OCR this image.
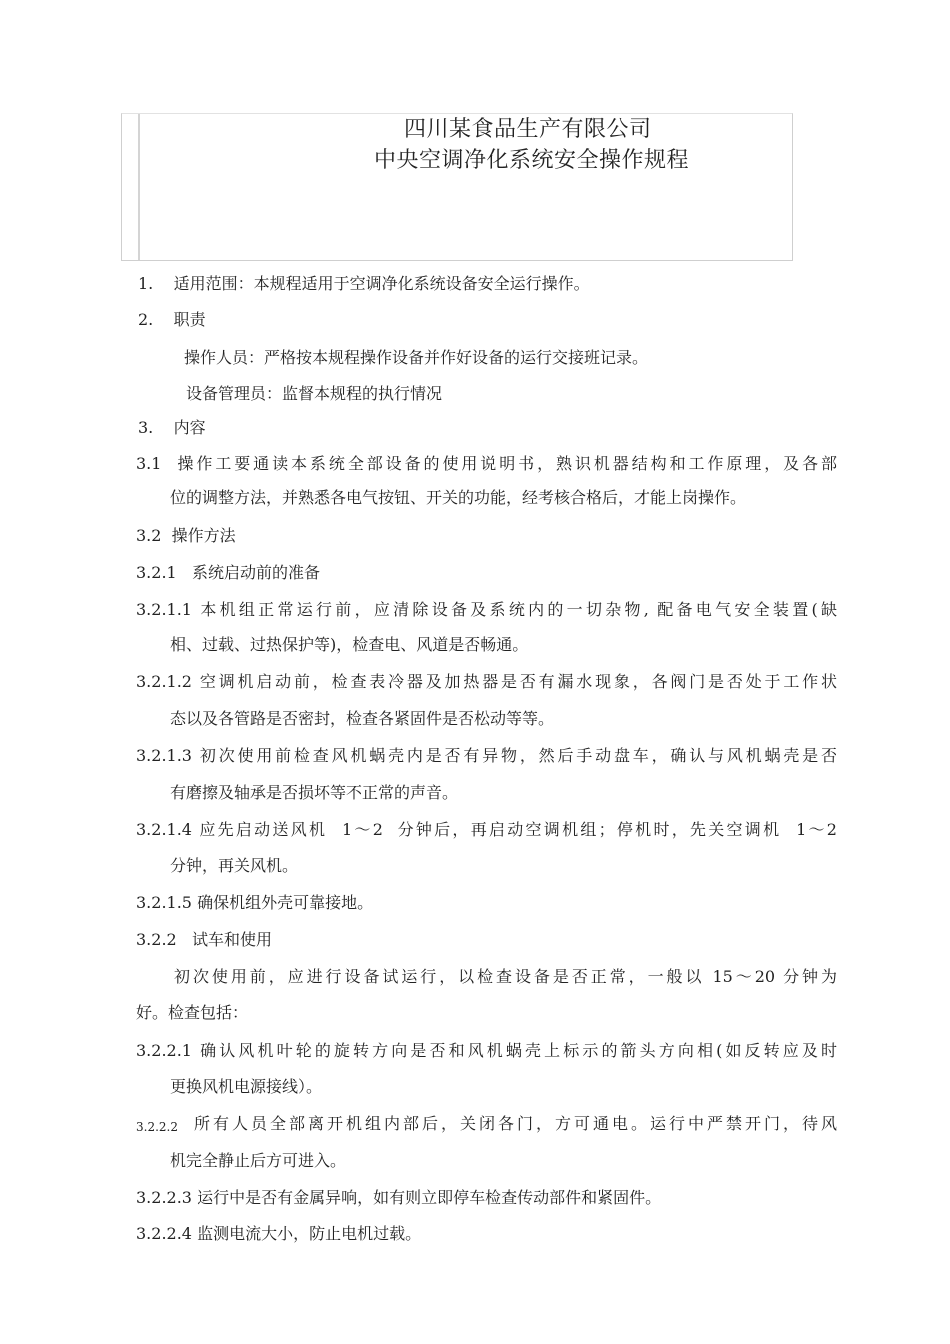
四川某食品生产有限公司
中央空调净化系统安全操作规程
1.    适用范围：本规程适用于空调净化系统设备安全运行操作。
2.    职责
操作人员：严格按本规程操作设备并作好设备的运行交接班记录。
设备管理员：监督本规程的执行情况
3.    内容
3.1  操作工要通读本系统全部设备的使用说明书，熟识机器结构和工作原理，及各部
位的调整方法，并熟悉各电气按钮、开关的功能，经考核合格后，才能上岗操作。
3.2  操作方法
3.2.1   系统启动前的准备
3.2.1.1 本机组正常运行前，应清除设备及系统内的一切杂物, 配备电气安全装置(缺
相、过载、过热保护等)，检查电、风道是否畅通。
3.2.1.2 空调机启动前，检查表冷器及加热器是否有漏水现象，各阀门是否处于工作状
态以及各管路是否密封，检查各紧固件是否松动等等。
3.2.1.3 初次使用前检查风机蜗壳内是否有异物，然后手动盘车，确认与风机蜗壳是否
有磨擦及轴承是否损坏等不正常的声音。
3.2.1.4 应先启动送风机  1～2  分钟后，再启动空调机组；停机时，先关空调机  1～2
分钟，再关风机。
3.2.1.5 确保机组外壳可靠接地。
3.2.2   试车和使用
初次使用前，应进行设备试运行，以检查设备是否正常，一般以 15～20 分钟为
好。检查包括：
3.2.2.1 确认风机叶轮的旋转方向是否和风机蜗壳上标示的箭头方向相(如反转应及时
更换风机电源接线）。
3.2.2.2 所有人员全部离开机组内部后，关闭各门，方可通电。运行中严禁开门，待风
机完全静止后方可进入。
3.2.2.3 运行中是否有金属异响，如有则立即停车检查传动部件和紧固件。
3.2.2.4 监测电流大小，防止电机过载。
